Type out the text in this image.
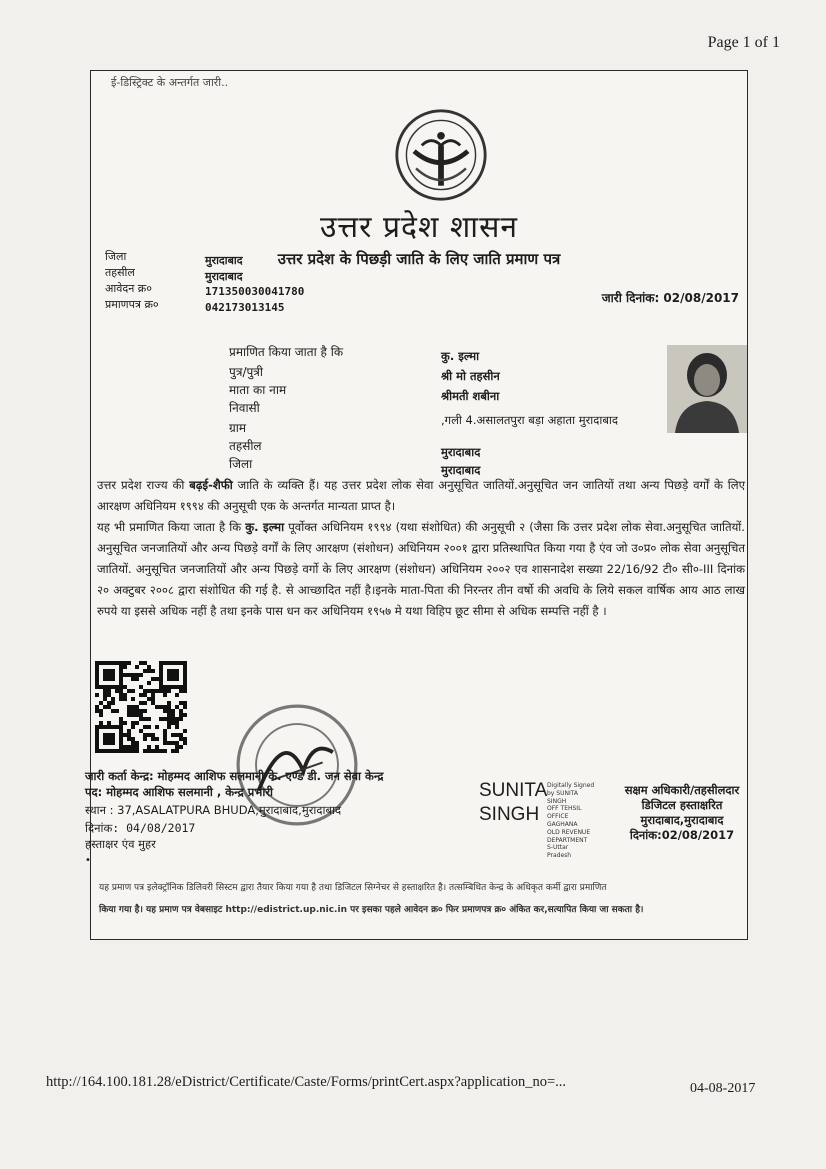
Page 1 of 1
ई-डिस्ट्रिक्ट के अन्तर्गत जारी..
उत्तर प्रदेश शासन
उत्तर प्रदेश के पिछड़ी जाति के लिए जाति प्रमाण पत्र
जिला	मुरादाबाद
तहसील	मुरादाबाद
आवेदन क्र०	171350030041780
प्रमाणपत्र क्र०	042173013145
जारी दिनांक: 02/08/2017
प्रमाणित किया जाता है कि	कु. इल्मा
पुत्र/पुत्री	श्री मो तहसीन
माता का नाम	श्रीमती शबीना
निवासी
,गली 4.असालतपुरा बड़ा अहाता मुरादाबाद
ग्राम
तहसील	मुरादाबाद
जिला	मुरादाबाद
उत्तर प्रदेश राज्य की बढ़ई-शैफी जाति के व्यक्ति हैं। यह उत्तर प्रदेश लोक सेवा अनुसूचित जातियों.अनुसूचित जन जातियों तथा अन्य पिछड़े वर्गों के लिए आरक्षण अधिनियम १९९४ की अनुसूची एक के अन्तर्गत मान्यता प्राप्त है।
यह भी प्रमाणित किया जाता है कि कु. इल्मा पूर्वोक्त अधिनियम १९९४ (यथा संशोधित) की अनुसूची २ (जैसा कि उत्तर प्रदेश लोक सेवा.अनुसूचित जातियों. अनुसूचित जनजातियों और अन्य पिछड़े वर्गों के लिए आरक्षण (संशोधन) अधिनियम २००१ द्वारा प्रतिस्थापित किया गया है एंव जो उ०प्र० लोक सेवा अनुसूचित जातियों. अनुसूचित जनजातियों और अन्य पिछड़े वर्गो के लिए आरक्षण (संशोधन) अधिनियम २००२ एव शासनादेश सख्या 22/16/92 टी० सी०-III दिनांक २० अक्टुबर २००८ द्वारा संशोधित की गई है. से आच्छादित नहीं है।इनके माता-पिता की निरन्तर तीन वर्षो की अवधि के लिये सकल वार्षिक आय आठ लाख रुपये या इससे अधिक नहीं है तथा इनके पास धन कर अधिनियम १९५७ मे यथा विहिप छूट सीमा से अधिक सम्पत्ति नहीं है ।
जारी कर्ता केन्द्र: मोहम्मद आशिफ सलमानी के. एण्ड डी. जन सेवा केन्द्र
पद: मोहम्मद आशिफ सलमानी , केन्द्र प्रभारी
स्थान : 37,ASALATPURA BHUDA,मुरादाबाद,मुरादाबाद
दिनांक: 04/08/2017
हस्ताक्षर एंव मुहर
•
SUNITA
SINGH
Digitally Signed
by SUNITA
SINGH
OFF TEHSIL
OFFICE
GAGHANA
OLD REVENUE
DEPARTMENT
S-Uttar
Pradesh
सक्षम अधिकारी/तहसीलदार
डिजिटल हस्ताक्षरित
मुरादाबाद,मुरादाबाद
दिनांक:02/08/2017
यह प्रमाण पत्र इलेक्ट्रॉनिक डिलिवरी सिस्टम द्वारा तैयार किया गया है तथा डिजिटल सिग्नेचर से हस्ताक्षरित है। तत्सम्बिधित केन्द्र के अधिकृत कर्मी द्वारा प्रमाणित
किया गया है। यह प्रमाण पत्र वेबसाइट http://edistrict.up.nic.in पर इसका पहले आवेदन क्र० फिर प्रमाणपत्र क्र० अंकित कर,सत्यापित किया जा सकता है।
http://164.100.181.28/eDistrict/Certificate/Caste/Forms/printCert.aspx?application_no=...	04-08-2017
